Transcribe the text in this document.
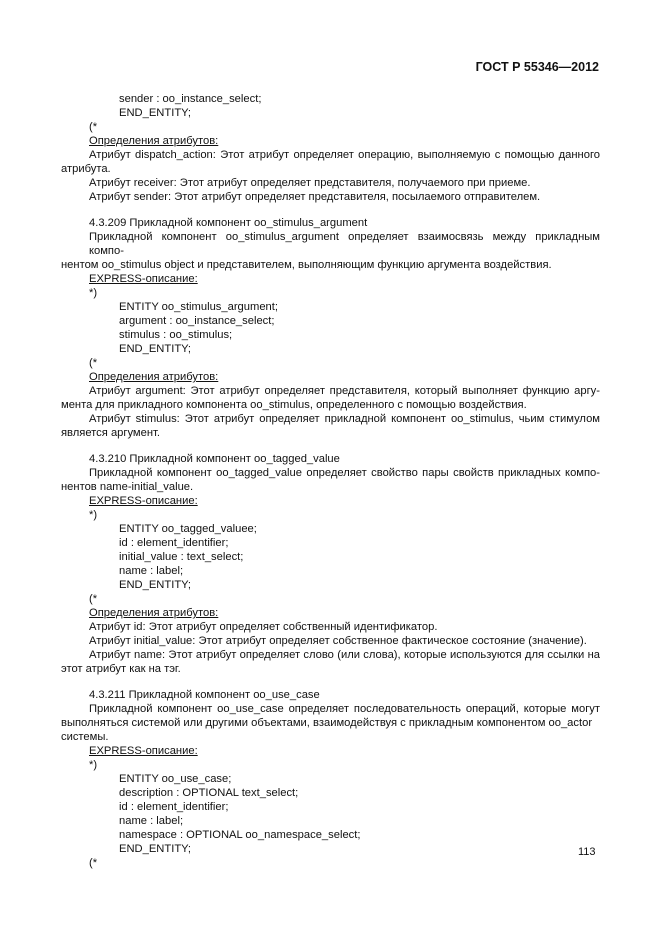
ГОСТ Р 55346—2012
sender : oo_instance_select;
END_ENTITY;
(*
Определения атрибутов:
Атрибут dispatch_action: Этот атрибут определяет операцию, выполняемую с помощью данного
атрибута.
Атрибут receiver: Этот атрибут определяет представителя, получаемого при приеме.
Атрибут sender: Этот атрибут определяет представителя, посылаемого отправителем.
4.3.209 Прикладной компонент oo_stimulus_argument
Прикладной компонент oo_stimulus_argument определяет взаимосвязь между прикладным компо-
нентом oo_stimulus object и представителем, выполняющим функцию аргумента воздействия.
EXPRESS-описание:
*)
ENTITY oo_stimulus_argument;
argument : oo_instance_select;
stimulus : oo_stimulus;
END_ENTITY;
(*
Определения атрибутов:
Атрибут argument: Этот атрибут определяет представителя, который выполняет функцию аргу-
мента для прикладного компонента oo_stimulus, определенного с помощью воздействия.
Атрибут stimulus: Этот атрибут определяет прикладной компонент oo_stimulus, чьим стимулом
является аргумент.
4.3.210 Прикладной компонент oo_tagged_value
Прикладной компонент oo_tagged_value определяет свойство пары свойств прикладных компо-
нентов name-initial_value.
EXPRESS-описание:
*)
ENTITY oo_tagged_valuee;
id : element_identifier;
initial_value : text_select;
name : label;
END_ENTITY;
(*
Определения атрибутов:
Атрибут id: Этот атрибут определяет собственный идентификатор.
Атрибут initial_value: Этот атрибут определяет собственное фактическое состояние (значение).
Атрибут name: Этот атрибут определяет слово (или слова), которые используются для ссылки на
этот атрибут как на тэг.
4.3.211 Прикладной компонент oo_use_case
Прикладной компонент oo_use_case определяет последовательность операций, которые могут
выполняться системой или другими объектами, взаимодействуя с прикладным компонентом oo_actor
системы.
EXPRESS-описание:
*)
ENTITY oo_use_case;
description : OPTIONAL text_select;
id : element_identifier;
name : label;
namespace : OPTIONAL oo_namespace_select;
END_ENTITY;
(*
113
